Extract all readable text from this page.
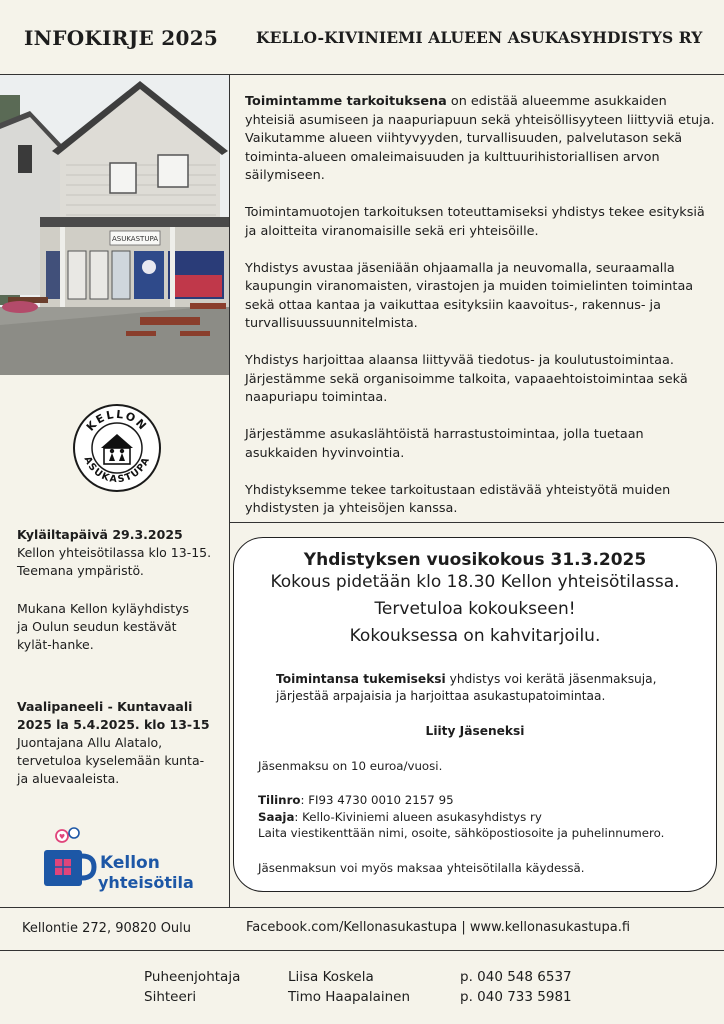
INFOKIRJE 2025 KELLO-KIVINIEMI ALUEEN ASUKASYHDISTYS RY
ASUKASTUPA
KELLON
ASUKASTUPA

Kyläiltapäivä 29.3.2025

Kellon yhteisötilassa klo 13-15.

Teemana ympäristö.

Mukana Kellon kyläyhdistys

ja Oulun seudun kestävät

kylät-hanke.

Vaalipaneeli - Kuntavaali

2025 la 5.4.2025. klo 13-15

Juontajana Allu Alatalo,

tervetuloa kyselemään kunta-

ja aluevaaleista.

♥
Kellon
yhteisötila

Toimintamme tarkoituksena on edistää alueemme asukkaiden yhteisiä asumiseen ja naapuriapuun sekä yhteisöllisyyteen liittyviä etuja. Vaikutamme alueen viihtyvyyden, turvallisuuden, palvelutason sekä toiminta-alueen omaleimaisuuden ja kulttuurihistoriallisen arvon säilymiseen.

Toimintamuotojen tarkoituksen toteuttamiseksi yhdistys tekee esityksiä ja aloitteita viranomaisille sekä eri yhteisöille.

Yhdistys avustaa jäseniään ohjaamalla ja neuvomalla, seuraamalla kaupungin viranomaisten, virastojen ja muiden toimielinten toimintaa sekä ottaa kantaa ja vaikuttaa esityksiin kaavoitus-, rakennus- ja turvallisuussuunnitelmista.

Yhdistys harjoittaa alaansa liittyvää tiedotus- ja koulutustoimintaa. Järjestämme sekä organisoimme talkoita, vapaaehtoistoimintaa sekä naapuriapu toimintaa.

Järjestämme asukaslähtöistä harrastustoimintaa, jolla tuetaan asukkaiden hyvinvointia.

Yhdistyksemme tekee tarkoitustaan edistävää yhteistyötä muiden yhdistysten ja yhteisöjen kanssa.

Yhdistyksen vuosikokous 31.3.2025
Kokous pidetään klo 18.30 Kellon yhteisötilassa.
Tervetuloa kokoukseen!
Kokouksessa on kahvitarjoilu.
Toimintansa tukemiseksi yhdistys voi kerätä jäsenmaksuja, järjestää arpajaisia ja harjoittaa asukastupatoimintaa.
Liity Jäseneksi
Jäsenmaksu on 10 euroa/vuosi.

Tilinro: FI93 4730 0010 2157 95

Saaja: Kello-Kiviniemi alueen asukasyhdistys ry

Laita viestikenttään nimi, osoite, sähköpostiosoite ja puhelinnumero.

Jäsenmaksun voi myös maksaa yhteisötilalla käydessä.
Kellontie 272, 90820 Oulu	Facebook.com/Kellonasukastupa | www.kellonasukastupa.fi
Puheenjohtaja
Sihteeri
Liisa Koskela
Timo Haapalainen
p. 040 548 6537
p. 040 733 5981
